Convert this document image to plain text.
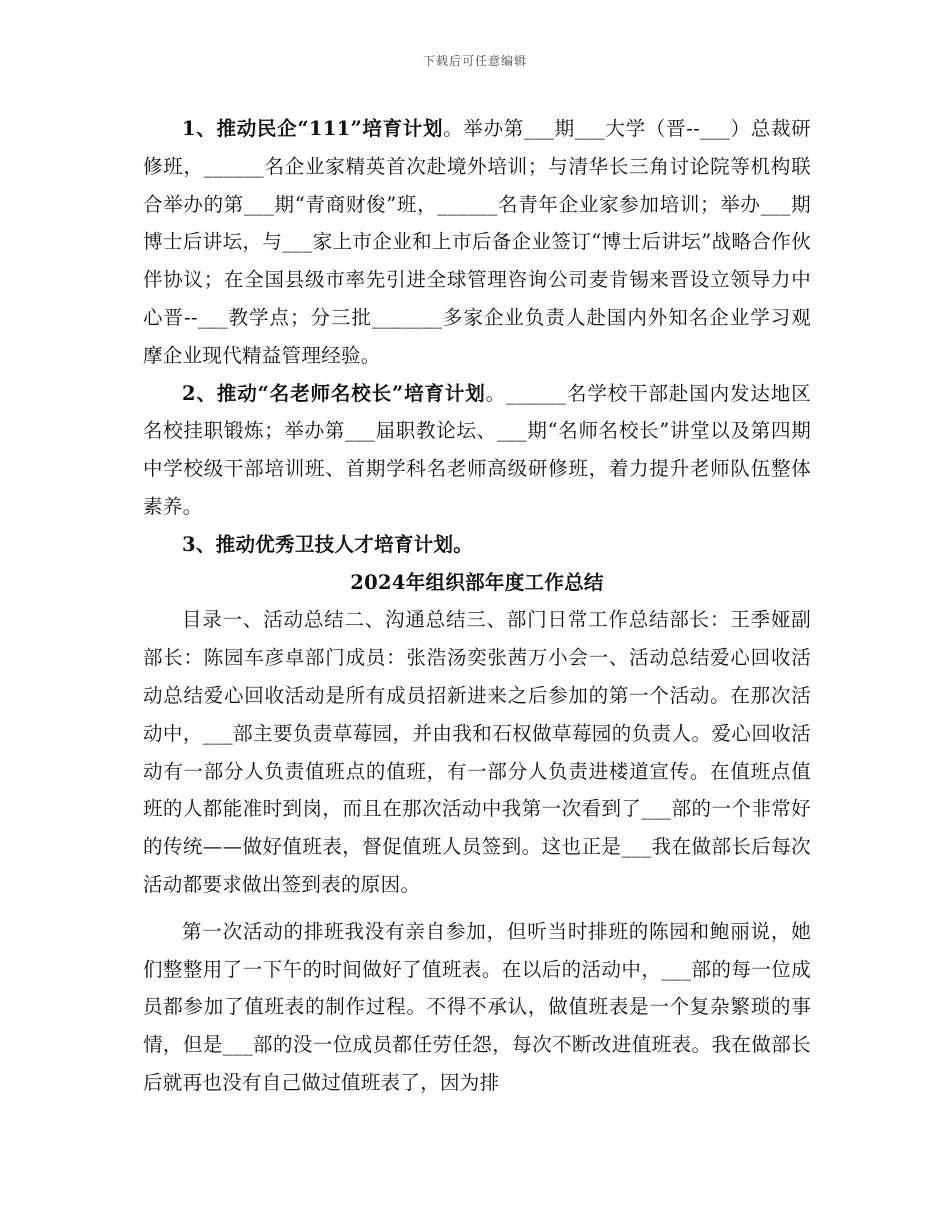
下载后可任意编辑

1、推动民企“111”培育计划。举办第___期___大学（晋--___）总裁研修班，______名企业家精英首次赴境外培训；与清华长三角讨论院等机构联合举办的第___期“青商财俊”班，______名青年企业家参加培训；举办___期博士后讲坛，与___家上市企业和上市后备企业签订“博士后讲坛”战略合作伙伴协议；在全国县级市率先引进全球管理咨询公司麦肯锡来晋设立领导力中心晋--___教学点；分三批_______多家企业负责人赴国内外知名企业学习观摩企业现代精益管理经验。

2、推动“名老师名校长”培育计划。______名学校干部赴国内发达地区名校挂职锻炼；举办第___届职教论坛、___期“名师名校长”讲堂以及第四期中学校级干部培训班、首期学科名老师高级研修班，着力提升老师队伍整体素养。

3、推动优秀卫技人才培育计划。

2024年组织部年度工作总结

目录一、活动总结二、沟通总结三、部门日常工作总结部长：王季娅副部长：陈园车彦卓部门成员：张浩汤奕张茜万小会一、活动总结爱心回收活动总结爱心回收活动是所有成员招新进来之后参加的第一个活动。在那次活动中，___部主要负责草莓园，并由我和石权做草莓园的负责人。爱心回收活动有一部分人负责值班点的值班，有一部分人负责进楼道宣传。在值班点值班的人都能准时到岗，而且在那次活动中我第一次看到了___部的一个非常好的传统——做好值班表，督促值班人员签到。这也正是___我在做部长后每次活动都要求做出签到表的原因。

第一次活动的排班我没有亲自参加，但听当时排班的陈园和鲍丽说，她们整整用了一下午的时间做好了值班表。在以后的活动中，___部的每一位成员都参加了值班表的制作过程。不得不承认，做值班表是一个复杂繁琐的事情，但是___部的没一位成员都任劳任怨，每次不断改进值班表。我在做部长后就再也没有自己做过值班表了，因为排
